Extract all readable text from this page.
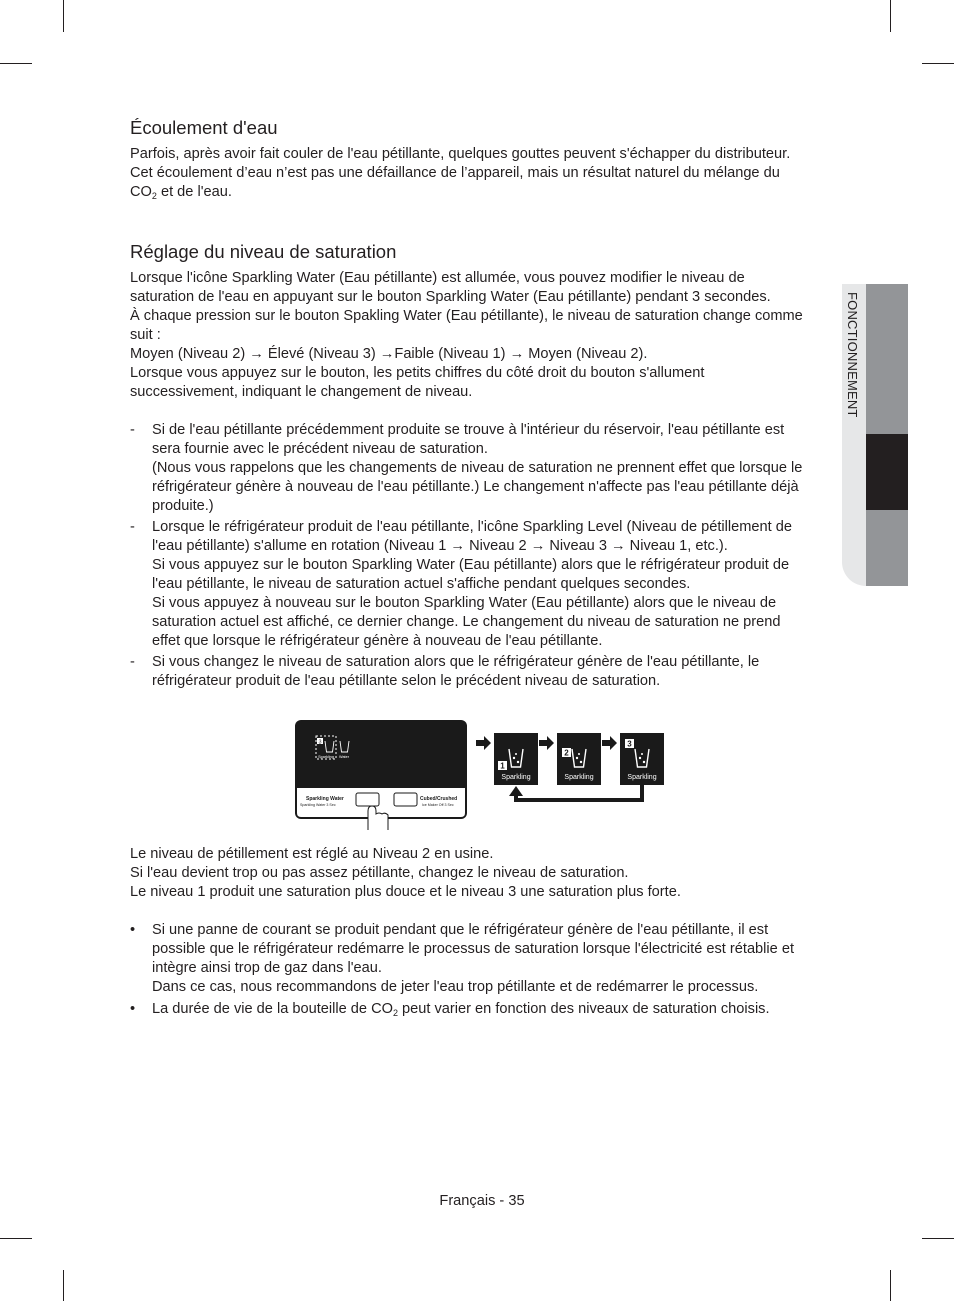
FONCTIONNEMENT
Écoulement d'eau

Parfois, après avoir fait couler de l'eau pétillante, quelques gouttes peuvent s'échapper du distributeur.
Cet écoulement d’eau n’est pas une défaillance de l’appareil, mais un résultat naturel du mélange du
$CO_2$ et de l'eau.

Réglage du niveau de saturation

Lorsque l'icône Sparkling Water (Eau pétillante) est allumée, vous pouvez modifier le niveau de
saturation de l'eau en appuyant sur le bouton Sparkling Water (Eau pétillante) pendant 3 secondes.
À chaque pression sur le bouton Spakling Water (Eau pétillante), le niveau de saturation change comme
suit :
Moyen (Niveau 2) → Élevé (Niveau 3) →Faible (Niveau 1) → Moyen (Niveau 2).
Lorsque vous appuyez sur le bouton, les petits chiffres du côté droit du bouton s'allument
successivement, indiquant le changement de niveau.

- Si de l'eau pétillante précédemment produite se trouve à l'intérieur du réservoir, l'eau pétillante est
sera fournie avec le précédent niveau de saturation.
(Nous vous rappelons que les changements de niveau de saturation ne prennent effet que lorsque le
réfrigérateur génère à nouveau de l'eau pétillante.) Le changement n'affecte pas l'eau pétillante déjà
produite.)
- Lorsque le réfrigérateur produit de l'eau pétillante, l'icône Sparkling Level (Niveau de pétillement de
l'eau pétillante) s'allume en rotation (Niveau 1 → Niveau 2 → Niveau 3 → Niveau 1, etc.).
Si vous appuyez sur le bouton Sparkling Water (Eau pétillante) alors que le réfrigérateur produit de
l'eau pétillante, le niveau de saturation actuel s'affiche pendant quelques secondes.
Si vous appuyez à nouveau sur le bouton Sparkling Water (Eau pétillante) alors que le niveau de
saturation actuel est affiché, ce dernier change. Le changement du niveau de saturation ne prend
effet que lorsque le réfrigérateur génère à nouveau de l'eau pétillante.
- Si vous changez le niveau de saturation alors que le réfrigérateur génère de l'eau pétillante, le
réfrigérateur produit de l'eau pétillante selon le précédent niveau de saturation.
3
Sparkling Water
Sparkling Water
Sparkling Water 3 Sec
Cubed/Crushed
Ice Maker Off 3 Sec
1
Sparkling
2
Sparkling
3
Sparkling

Le niveau de pétillement est réglé au Niveau 2 en usine.
Si l'eau devient trop ou pas assez pétillante, changez le niveau de saturation.
Le niveau 1 produit une saturation plus douce et le niveau 3 une saturation plus forte.

• Si une panne de courant se produit pendant que le réfrigérateur génère de l'eau pétillante, il est
possible que le réfrigérateur redémarre le processus de saturation lorsque l'électricité est rétablie et
intègre ainsi trop de gaz dans l'eau.
Dans ce cas, nous recommandons de jeter l'eau trop pétillante et de redémarrer le processus.
• La durée de vie de la bouteille de $CO_2$ peut varier en fonction des niveaux de saturation choisis.
Français - 35
